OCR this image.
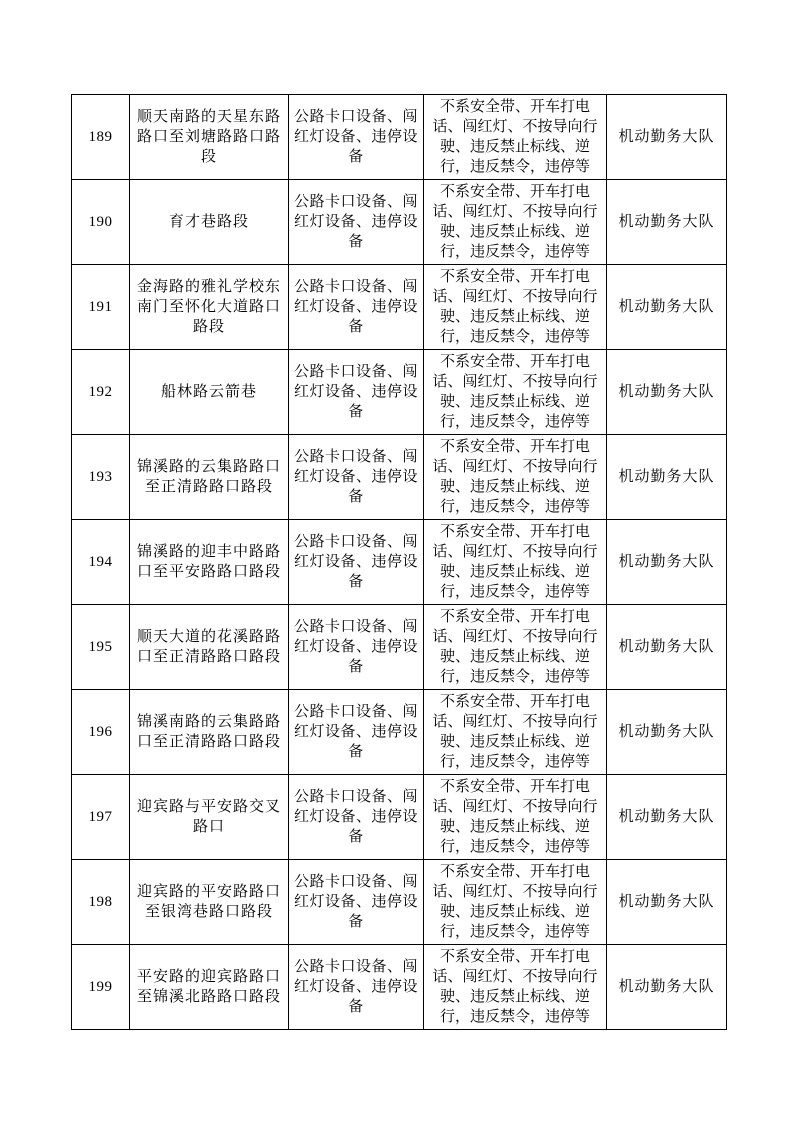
189	顺天南路的天星东路路口至刘塘路路口路段	公路卡口设备、闯红灯设备、违停设备	不系安全带、开车打电话、闯红灯、不按导向行驶、违反禁止标线、逆行，违反禁令，违停等	机动勤务大队
190	育才巷路段	公路卡口设备、闯红灯设备、违停设备	不系安全带、开车打电话、闯红灯、不按导向行驶、违反禁止标线、逆行，违反禁令，违停等	机动勤务大队
191	金海路的雅礼学校东南门至怀化大道路口路段	公路卡口设备、闯红灯设备、违停设备	不系安全带、开车打电话、闯红灯、不按导向行驶、违反禁止标线、逆行，违反禁令，违停等	机动勤务大队
192	船林路云箭巷	公路卡口设备、闯红灯设备、违停设备	不系安全带、开车打电话、闯红灯、不按导向行驶、违反禁止标线、逆行，违反禁令，违停等	机动勤务大队
193	锦溪路的云集路路口至正清路路口路段	公路卡口设备、闯红灯设备、违停设备	不系安全带、开车打电话、闯红灯、不按导向行驶、违反禁止标线、逆行，违反禁令，违停等	机动勤务大队
194	锦溪路的迎丰中路路口至平安路路口路段	公路卡口设备、闯红灯设备、违停设备	不系安全带、开车打电话、闯红灯、不按导向行驶、违反禁止标线、逆行，违反禁令，违停等	机动勤务大队
195	顺天大道的花溪路路口至正清路路口路段	公路卡口设备、闯红灯设备、违停设备	不系安全带、开车打电话、闯红灯、不按导向行驶、违反禁止标线、逆行，违反禁令，违停等	机动勤务大队
196	锦溪南路的云集路路口至正清路路口路段	公路卡口设备、闯红灯设备、违停设备	不系安全带、开车打电话、闯红灯、不按导向行驶、违反禁止标线、逆行，违反禁令，违停等	机动勤务大队
197	迎宾路与平安路交叉路口	公路卡口设备、闯红灯设备、违停设备	不系安全带、开车打电话、闯红灯、不按导向行驶、违反禁止标线、逆行，违反禁令，违停等	机动勤务大队
198	迎宾路的平安路路口至银湾巷路口路段	公路卡口设备、闯红灯设备、违停设备	不系安全带、开车打电话、闯红灯、不按导向行驶、违反禁止标线、逆行，违反禁令，违停等	机动勤务大队
199	平安路的迎宾路路口至锦溪北路路口路段	公路卡口设备、闯红灯设备、违停设备	不系安全带、开车打电话、闯红灯、不按导向行驶、违反禁止标线、逆行，违反禁令，违停等	机动勤务大队
